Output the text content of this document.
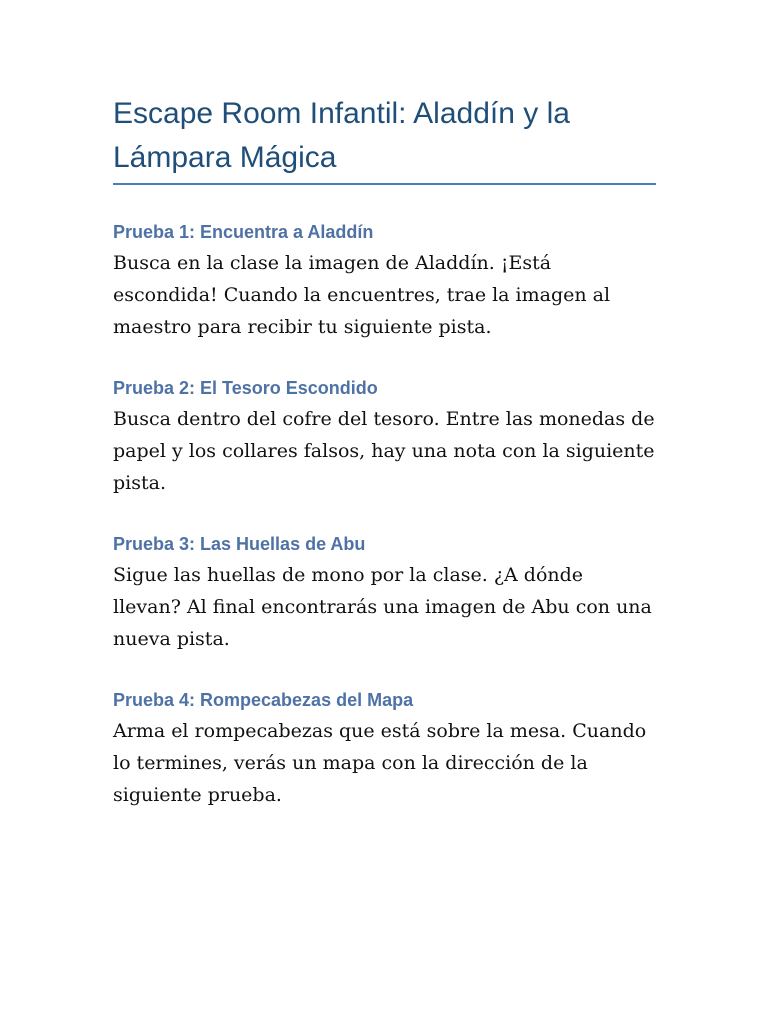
Escape Room Infantil: Aladdín y la Lámpara Mágica
Prueba 1: Encuentra a Aladdín

Busca en la clase la imagen de Aladdín. ¡Está escondida! Cuando la encuentres, trae la imagen al maestro para recibir tu siguiente pista.

Prueba 2: El Tesoro Escondido

Busca dentro del cofre del tesoro. Entre las monedas de papel y los collares falsos, hay una nota con la siguiente pista.

Prueba 3: Las Huellas de Abu

Sigue las huellas de mono por la clase. ¿A dónde llevan? Al final encontrarás una imagen de Abu con una nueva pista.

Prueba 4: Rompecabezas del Mapa

Arma el rompecabezas que está sobre la mesa. Cuando lo termines, verás un mapa con la dirección de la siguiente prueba.
